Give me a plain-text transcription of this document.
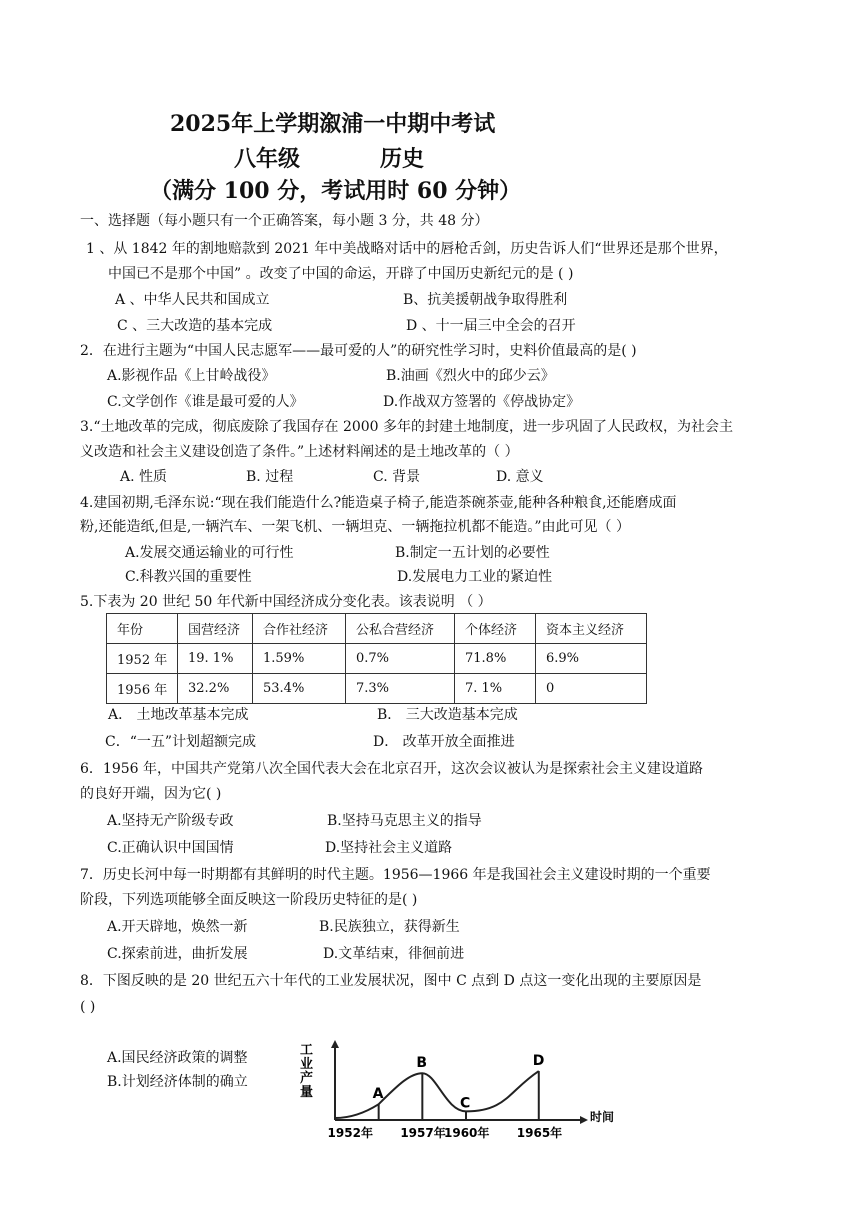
2025年上学期溆浦一中期中考试
八年级	历史
（满分 100 分，考试用时 60 分钟）
一、选择题（每小题只有一个正确答案，每小题 3 分，共 48 分）
1 、从 1842 年的割地赔款到 2021 年中美战略对话中的唇枪舌剑，历史告诉人们“世界还是那个世界，
中国已不是那个中国” 。改变了中国的命运，开辟了中国历史新纪元的是 ( )
A 、中华人民共和国成立	B、抗美援朝战争取得胜利
C 、三大改造的基本完成	D 、十一届三中全会的召开
2．在进行主题为“中国人民志愿军——最可爱的人”的研究性学习时，史料价值最高的是( )
A.影视作品《上甘岭战役》	B.油画《烈火中的邱少云》
C.文学创作《谁是最可爱的人》	D.作战双方签署的《停战协定》
3.“土地改革的完成，彻底废除了我国存在 2000 多年的封建土地制度，进一步巩固了人民政权，为社会主
义改造和社会主义建设创造了条件。”上述材料阐述的是土地改革的（ ）
A. 性质	B. 过程	C. 背景	D. 意义
4.建国初期,毛泽东说:“现在我们能造什么?能造桌子椅子,能造茶碗茶壶,能种各种粮食,还能磨成面
粉,还能造纸,但是,一辆汽车、一架飞机、一辆坦克、一辆拖拉机都不能造。”由此可见（ ）
A.发展交通运输业的可行性	B.制定一五计划的必要性
C.科教兴国的重要性	D.发展电力工业的紧迫性
5.下表为 20 世纪 50 年代新中国经济成分变化表。该表说明 （ ）
年份	国营经济	合作社经济	公私合营经济	个体经济	资本主义经济
1952 年	19. 1%	1.59%	0.7%	71.8%	6.9%
1956 年	32.2%	53.4%	7.3%	7. 1%	0
A． 土地改革基本完成	B． 三大改造基本完成
C．“一五”计划超额完成	D． 改革开放全面推进
6．1956 年，中国共产党第八次全国代表大会在北京召开，这次会议被认为是探索社会主义建设道路
的良好开端，因为它( )
A.坚持无产阶级专政	B.坚持马克思主义的指导
C.正确认识中国国情	D.坚持社会主义道路
7．历史长河中每一时期都有其鲜明的时代主题。1956—1966 年是我国社会主义建设时期的一个重要
阶段，下列选项能够全面反映这一阶段历史特征的是( )
A.开天辟地，焕然一新	B.民族独立，获得新生
C.探索前进，曲折发展	D.文革结束，徘徊前进
8．下图反映的是 20 世纪五六十年代的工业发展状况，图中 C 点到 D 点这一变化出现的主要原因是
( )
A.国民经济政策的调整
B.计划经济体制的确立
工
业
产
量
时间
A
B
C
D
1952年 1957年
1960年 1965年
